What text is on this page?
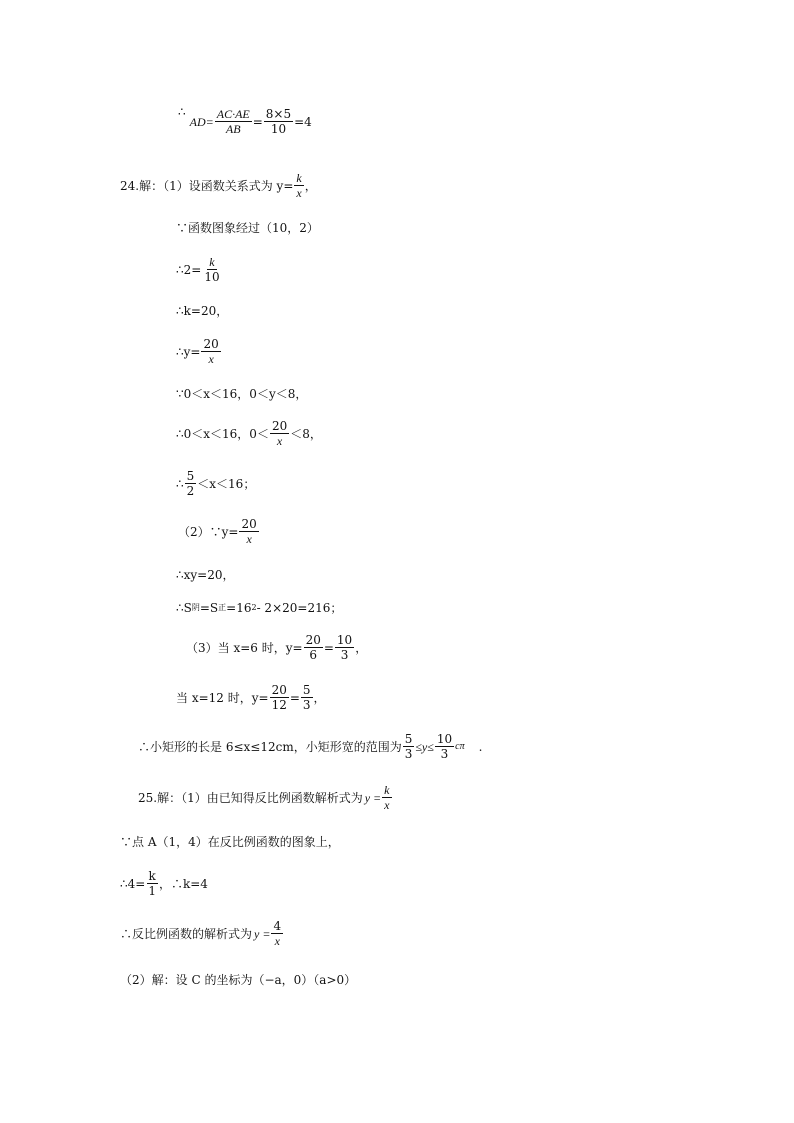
∴
$AD= \frac{AC\cdot AE}{AB} = \frac{8\times 5}{10} =4$
24.解：（1）设函数关系式为 $y= \frac{k}{x}$ ，
∵函数图象经过（10，2）
∴2= $\frac{k}{10}$
∴k=20，
∴y= $\frac{20}{x}$
∵0＜x＜16，0＜y＜8，
∴0＜x＜16，$0< \frac{20}{x} <8$，
∴ $\frac{5}{2} <x<16$；
（2）∵y= $\frac{20}{x}$
∴xy=20，
∴S 阴 =S 正 =16 2 - 2×20=216；
（3）当 x=6 时，$y= \frac{20}{6} = \frac{10}{3}$ ，
当 x=12 时，$y= \frac{20}{12} = \frac{5}{3}$ ，
∴小矩形的长是 6≤x≤12cm，小矩形宽的范围为 $\frac{5}{3} \le y\le \frac{10}{3}$ cπ .
25.解：（1）由已知得反比例函数解析式为 $y = \frac{k}{x}$
∵点 A（1，4）在反比例函数的图象上，
∴4= $\frac{k}{1}$ ，∴k=4
∴反比例函数的解析式为 $y = \frac{4}{x}$
（2）解：设 C 的坐标为（−a，0）（a>0）
